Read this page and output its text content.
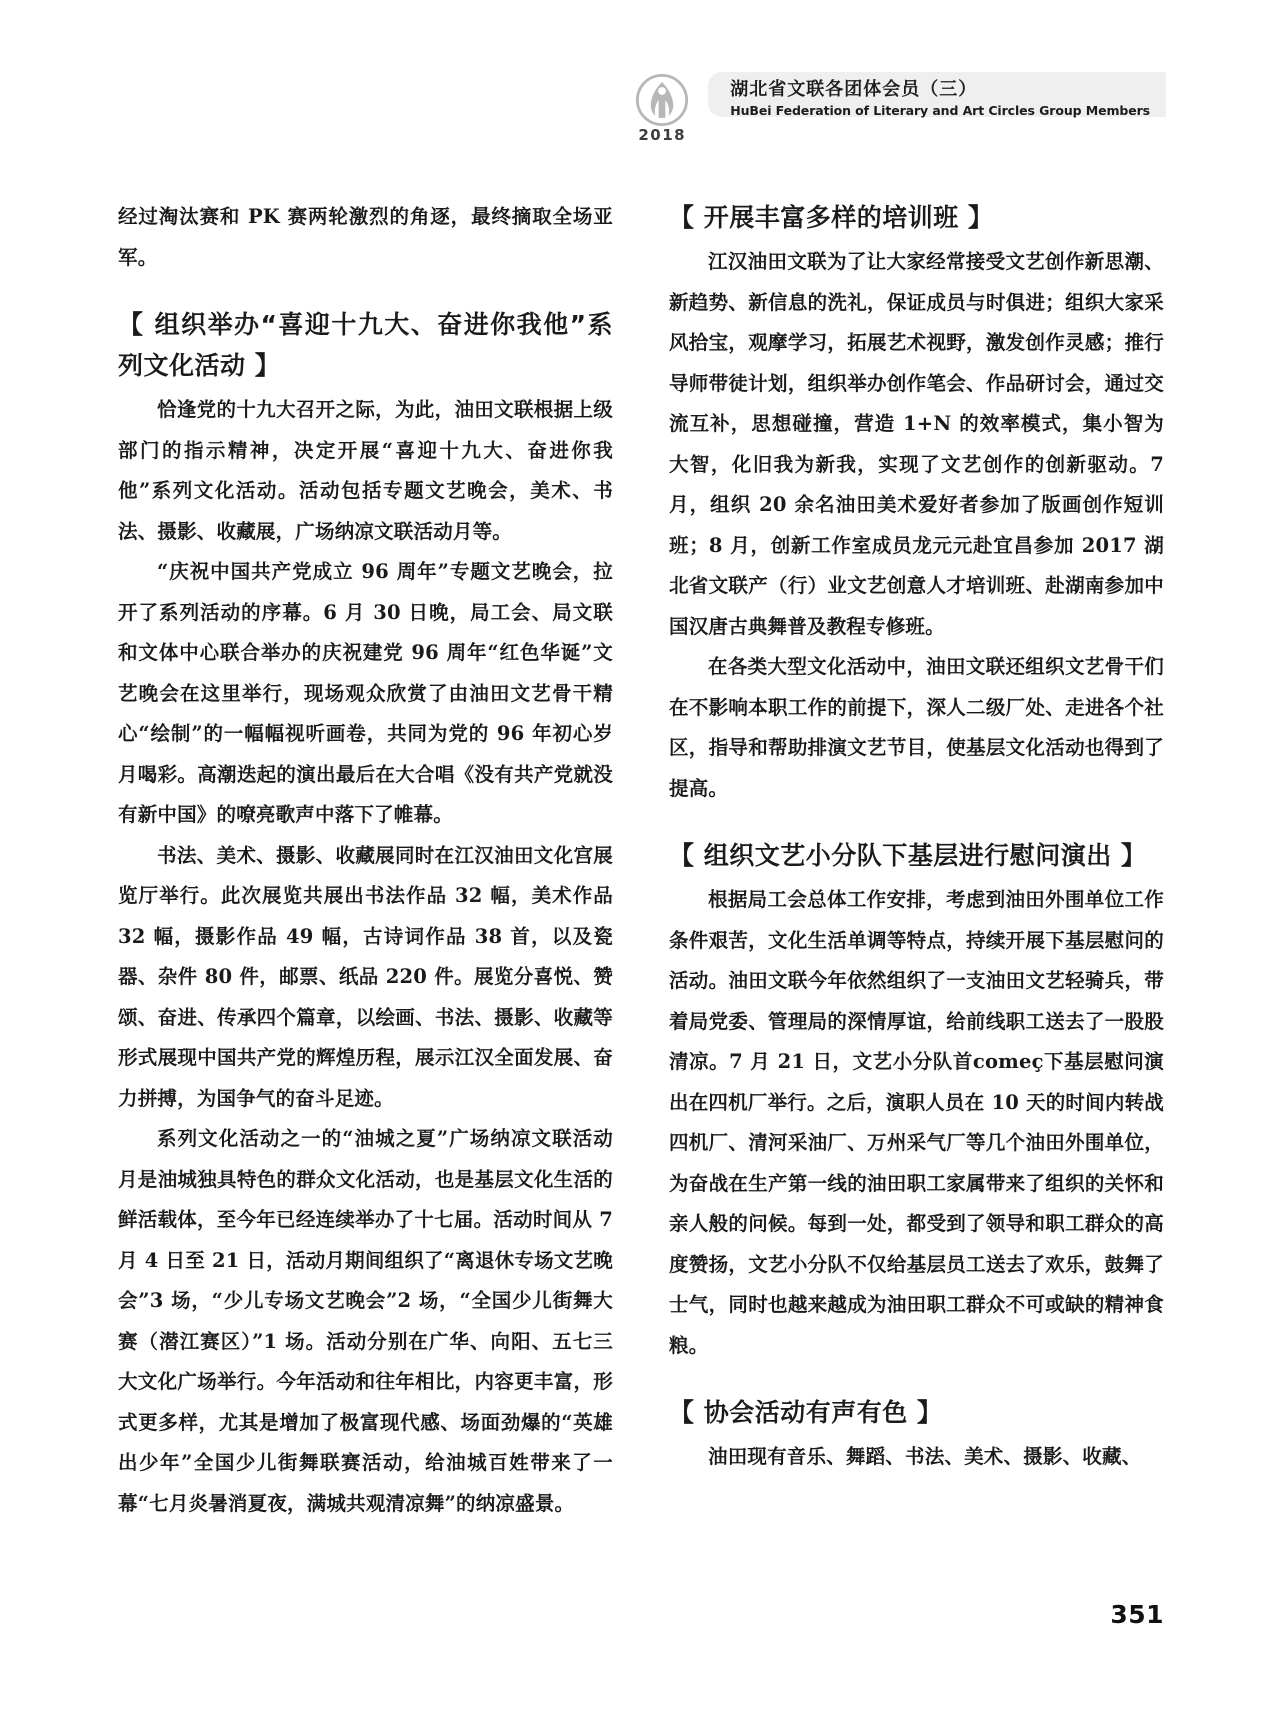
2018
湖北省文联各团体会员（三）
HuBei Federation of Literary and Art Circles Group Members

经过淘汰赛和 PK 赛两轮激烈的角逐，最终摘取全场亚军。

【 组织举办“喜迎十九大、奋进你我他”系列文化活动 】

恰逢党的十九大召开之际，为此，油田文联根据上级部门的指示精神，决定开展“喜迎十九大、奋进你我他”系列文化活动。活动包括专题文艺晚会，美术、书法、摄影、收藏展，广场纳凉文联活动月等。

“庆祝中国共产党成立 96 周年”专题文艺晚会，拉开了系列活动的序幕。6 月 30 日晚，局工会、局文联和文体中心联合举办的庆祝建党 96 周年“红色华诞”文艺晚会在这里举行，现场观众欣赏了由油田文艺骨干精心“绘制”的一幅幅视听画卷，共同为党的 96 年初心岁月喝彩。高潮迭起的演出最后在大合唱《没有共产党就没有新中国》的嘹亮歌声中落下了帷幕。

书法、美术、摄影、收藏展同时在江汉油田文化宫展览厅举行。此次展览共展出书法作品 32 幅，美术作品 32 幅，摄影作品 49 幅，古诗词作品 38 首，以及瓷器、杂件 80 件，邮票、纸品 220 件。展览分喜悦、赞颂、奋进、传承四个篇章，以绘画、书法、摄影、收藏等形式展现中国共产党的辉煌历程，展示江汉全面发展、奋力拼搏，为国争气的奋斗足迹。

系列文化活动之一的“油城之夏”广场纳凉文联活动月是油城独具特色的群众文化活动，也是基层文化生活的鲜活载体，至今年已经连续举办了十七届。活动时间从 7 月 4 日至 21 日，活动月期间组织了“离退休专场文艺晚会”3 场，“少儿专场文艺晚会”2 场，“全国少儿街舞大赛（潜江赛区）”1 场。活动分别在广华、向阳、五七三大文化广场举行。今年活动和往年相比，内容更丰富，形式更多样，尤其是增加了极富现代感、场面劲爆的“英雄出少年”全国少儿街舞联赛活动，给油城百姓带来了一幕“七月炎暑消夏夜，满城共观清凉舞”的纳凉盛景。

【 开展丰富多样的培训班 】

江汉油田文联为了让大家经常接受文艺创作新思潮、新趋势、新信息的洗礼，保证成员与时俱进；组织大家采风拾宝，观摩学习，拓展艺术视野，激发创作灵感；推行导师带徒计划，组织举办创作笔会、作品研讨会，通过交流互补，思想碰撞，营造 1+N 的效率模式，集小智为大智，化旧我为新我，实现了文艺创作的创新驱动。7 月，组织 20 余名油田美术爱好者参加了版画创作短训班；8 月，创新工作室成员龙元元赴宜昌参加 2017 湖北省文联产（行）业文艺创意人才培训班、赴湖南参加中国汉唐古典舞普及教程专修班。

在各类大型文化活动中，油田文联还组织文艺骨干们在不影响本职工作的前提下，深人二级厂处、走进各个社区，指导和帮助排演文艺节目，使基层文化活动也得到了提高。

【 组织文艺小分队下基层进行慰问演出 】

根据局工会总体工作安排，考虑到油田外围单位工作条件艰苦，文化生活单调等特点，持续开展下基层慰问的活动。油田文联今年依然组织了一支油田文艺轻骑兵，带着局党委、管理局的深情厚谊，给前线职工送去了一股股清凉。7 月 21 日，文艺小分队首começ下基层慰问演出在四机厂举行。之后，演职人员在 10 天的时间内转战四机厂、清河采油厂、万州采气厂等几个油田外围单位，为奋战在生产第一线的油田职工家属带来了组织的关怀和亲人般的问候。每到一处，都受到了领导和职工群众的高度赞扬，文艺小分队不仅给基层员工送去了欢乐，鼓舞了士气，同时也越来越成为油田职工群众不可或缺的精神食粮。

【 协会活动有声有色 】

油田现有音乐、舞蹈、书法、美术、摄影、收藏、

351
